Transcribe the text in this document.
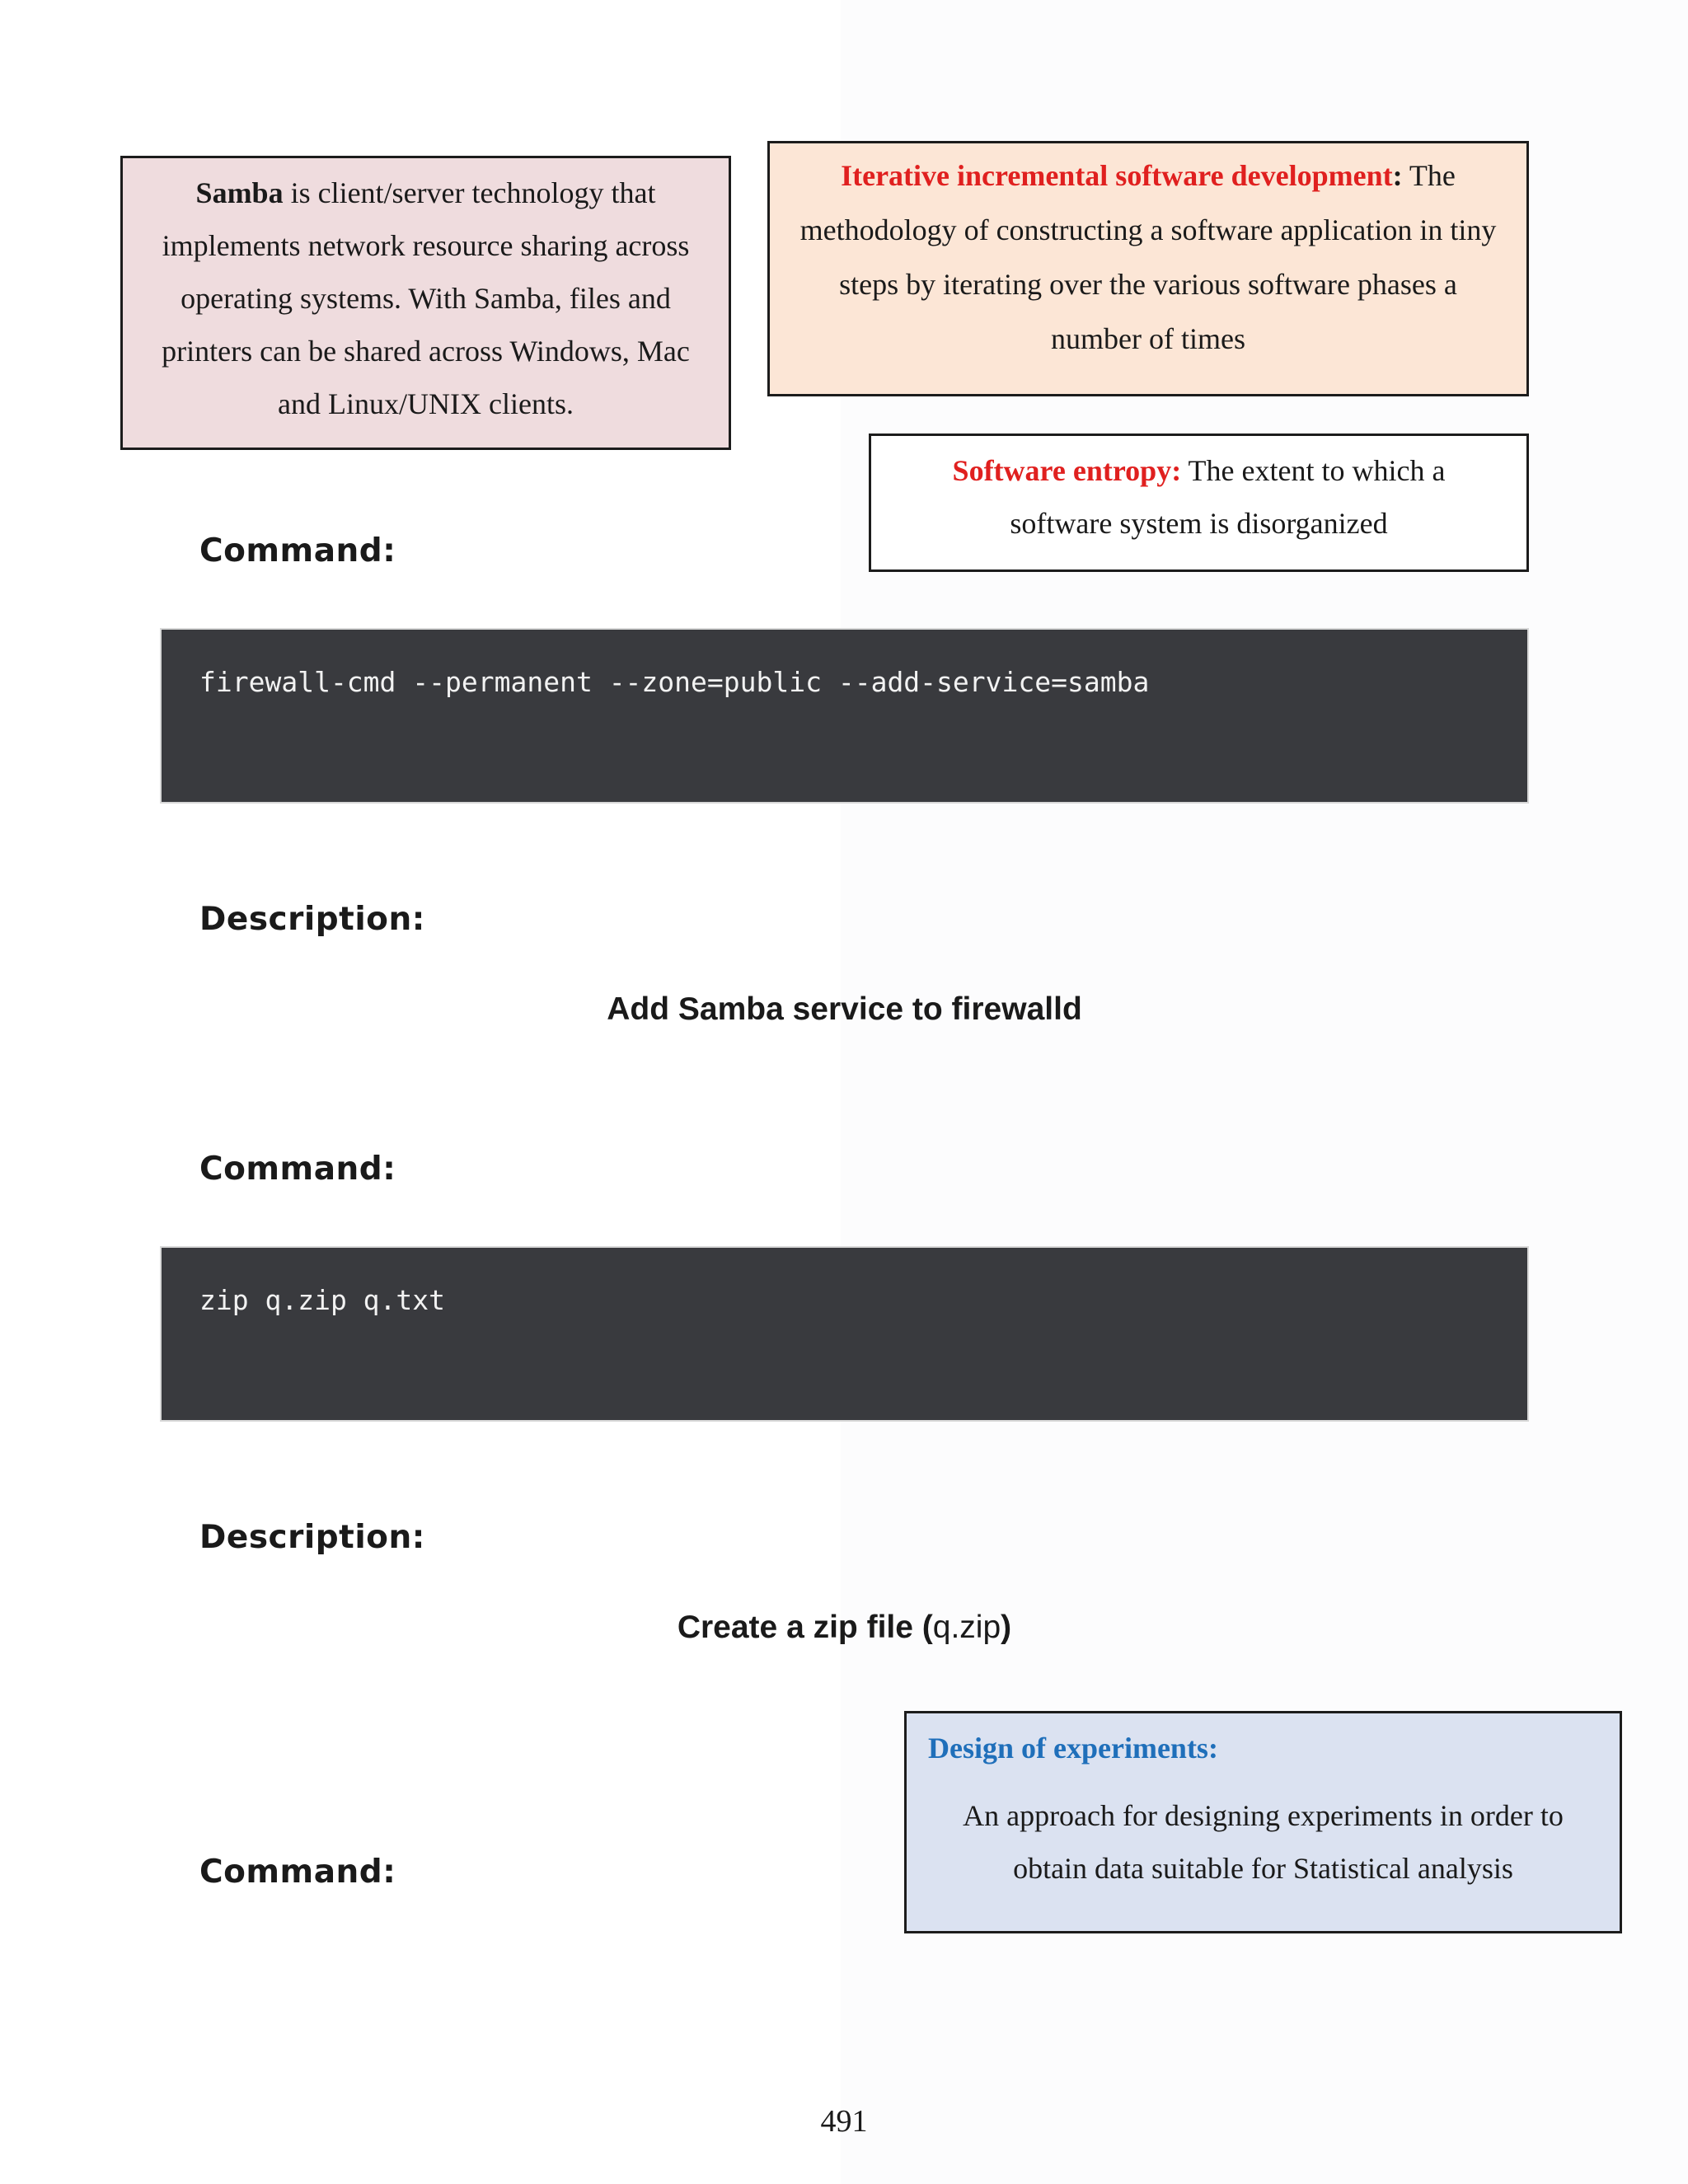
Samba is client/server technology that implements network resource sharing across operating systems. With Samba, files and printers can be shared across Windows, Mac and Linux/UNIX clients.
Iterative incremental software development: The methodology of constructing a software application in tiny steps by iterating over the various software phases a number of times
Software entropy: The extent to which a software system is disorganized
Command:
firewall-cmd --permanent --zone=public --add-service=samba
Description:
Add Samba service to firewalld
Command:
zip q.zip q.txt
Description:
Create a zip file (q.zip)
Design of experiments:
An approach for designing experiments in order to obtain data suitable for Statistical analysis
Command:
491
